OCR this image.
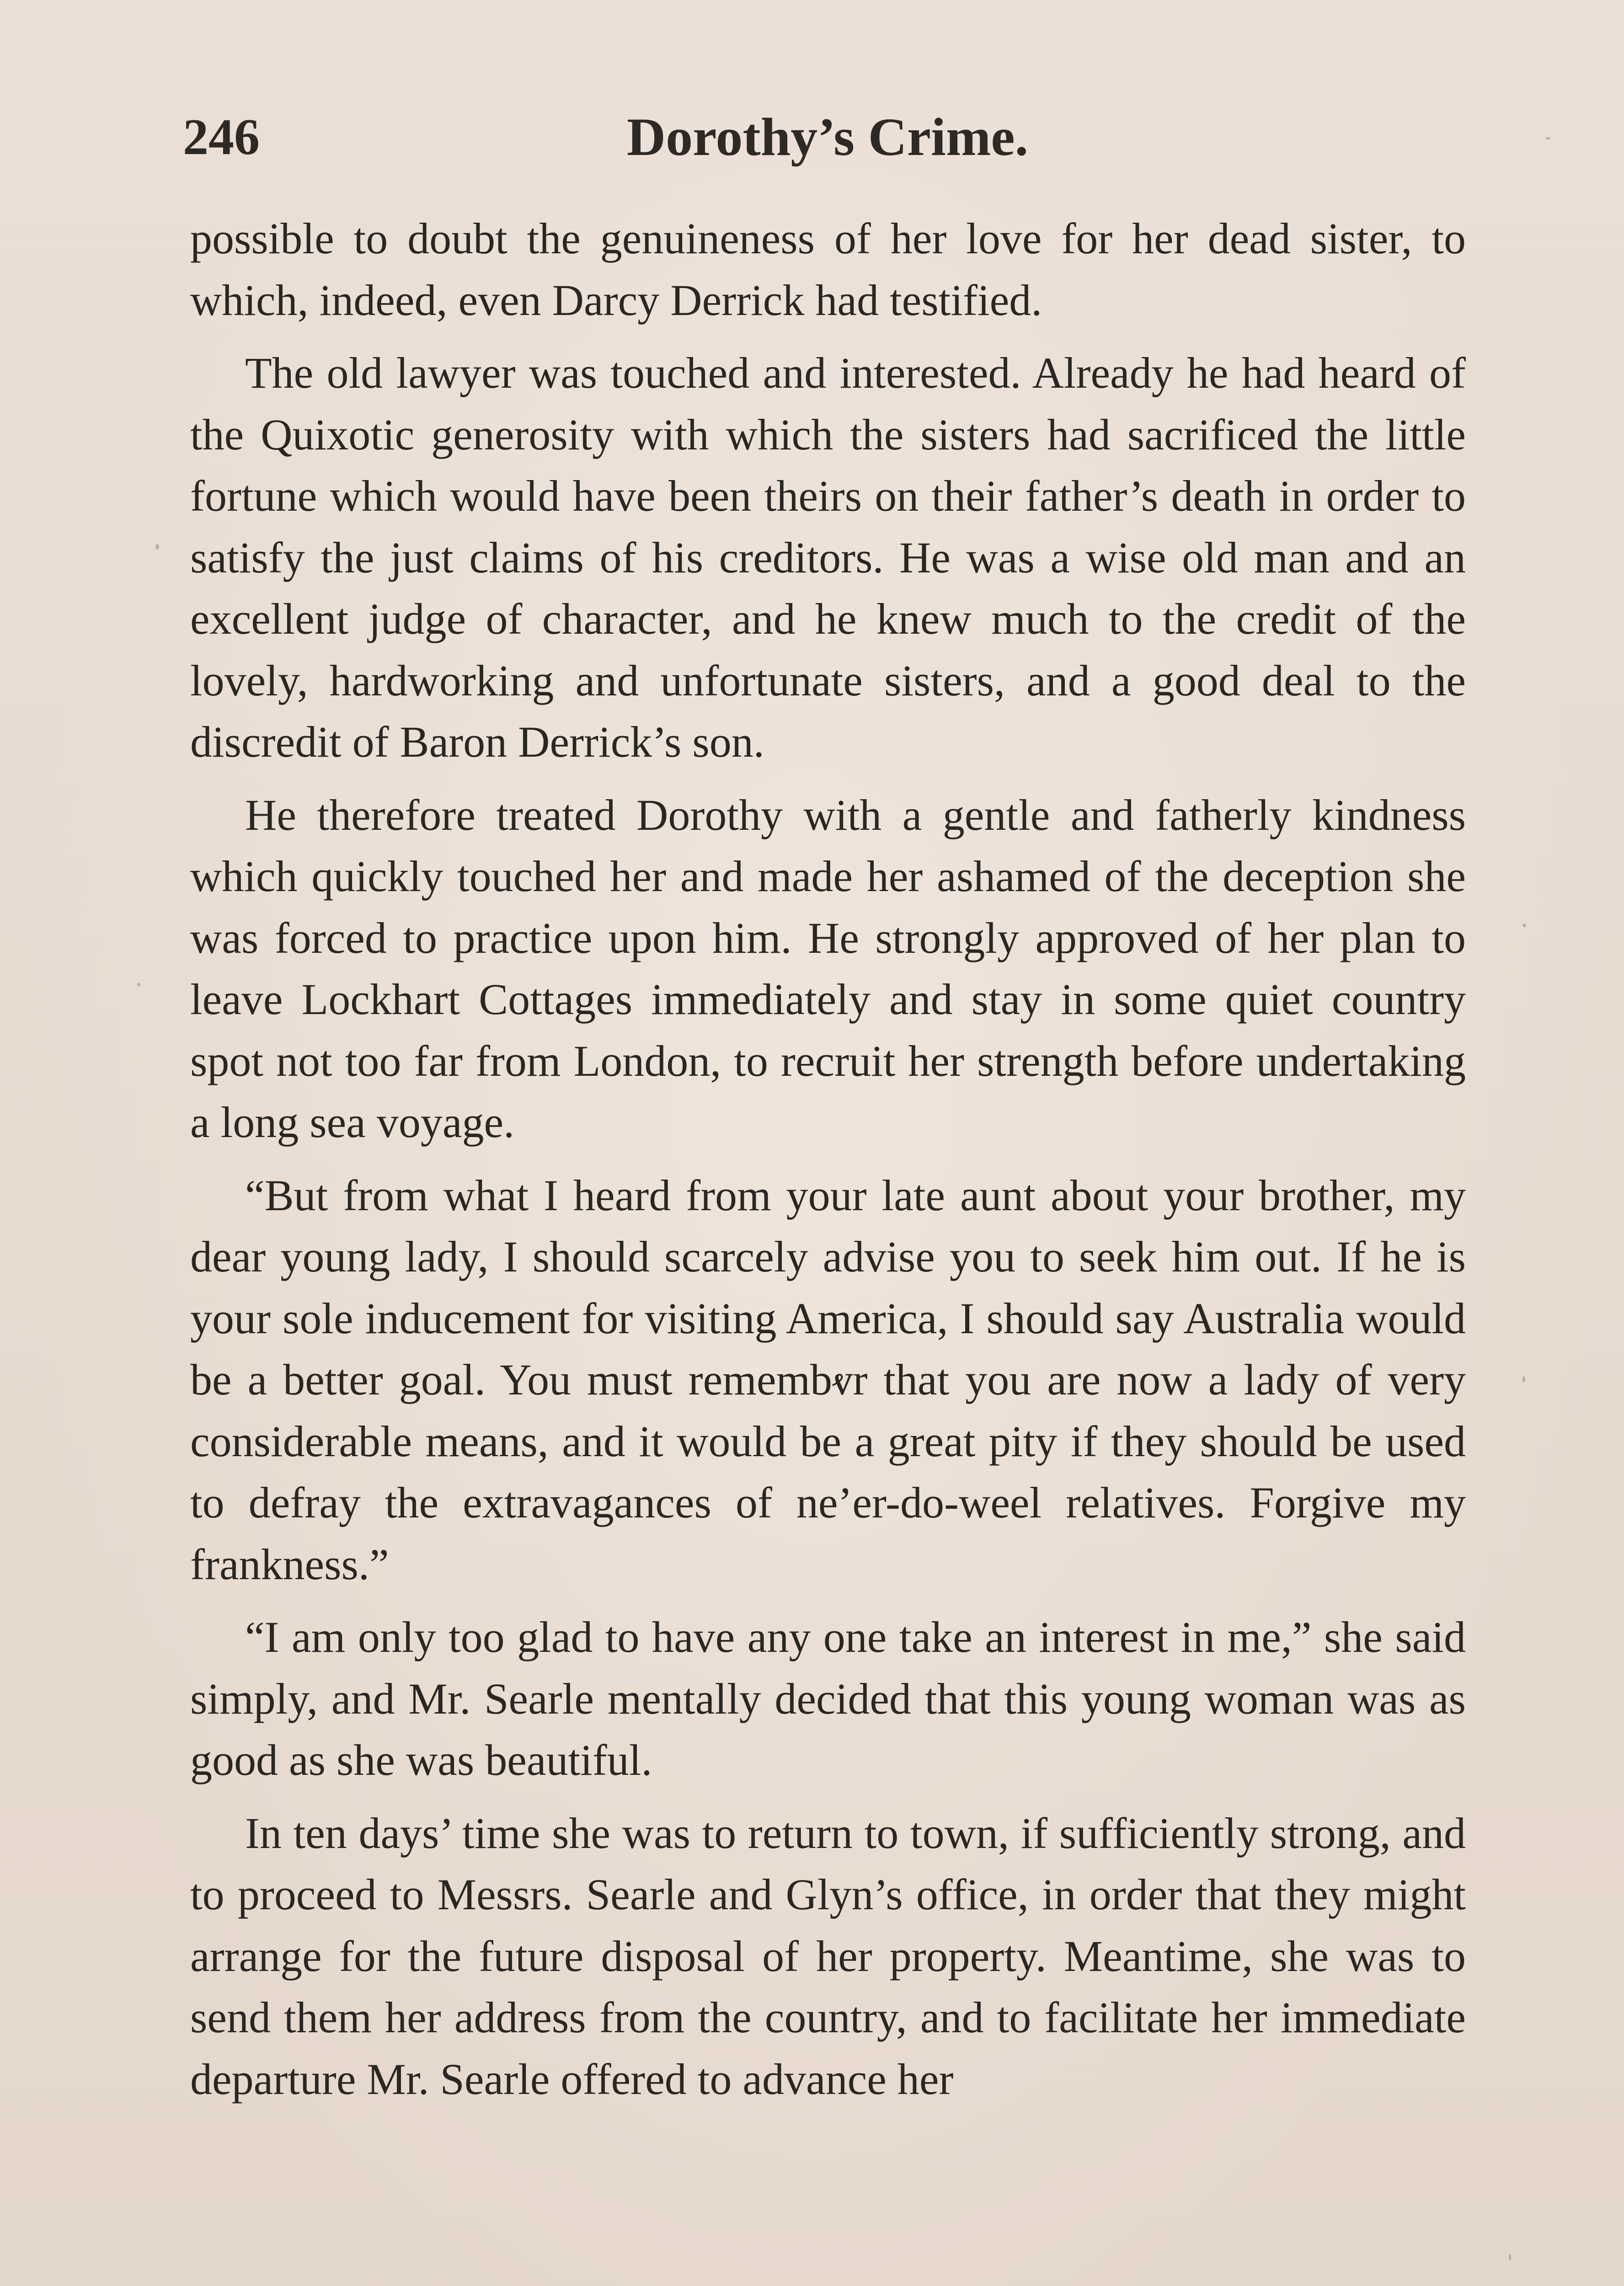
Dorothy’s Crime.
246

possible to doubt the genuineness of her love for her dead sister, to which, indeed, even Darcy Derrick had testified.

The old lawyer was touched and interested. Already he had heard of the Quixotic generosity with which the sisters had sacrificed the little fortune which would have been theirs on their father’s death in order to satisfy the just claims of his creditors. He was a wise old man and an excellent judge of character, and he knew much to the credit of the lovely, hardworking and unfortunate sisters, and a good deal to the discredit of Baron Derrick’s son.

He therefore treated Dorothy with a gentle and fatherly kindness which quickly touched her and made her ashamed of the deception she was forced to practice upon him. He strongly approved of her plan to leave Lockhart Cottages immediately and stay in some quiet country spot not too far from London, to recruit her strength before undertaking a long sea voyage.

“But from what I heard from your late aunt about your brother, my dear young lady, I should scarcely advise you to seek him out. If he is your sole inducement for visiting America, I should say Australia would be a better goal. You must remembⱴr that you are now a lady of very considerable means, and it would be a great pity if they should be used to defray the extravagances of ne’er-do-weel relatives. Forgive my frankness.”

“I am only too glad to have any one take an interest in me,” she said simply, and Mr. Searle mentally decided that this young woman was as good as she was beautiful.

In ten days’ time she was to return to town, if sufficiently strong, and to proceed to Messrs. Searle and Glyn’s office, in order that they might arrange for the future disposal of her property. Meantime, she was to send them her address from the country, and to facilitate her immediate departure Mr. Searle offered to advance her
